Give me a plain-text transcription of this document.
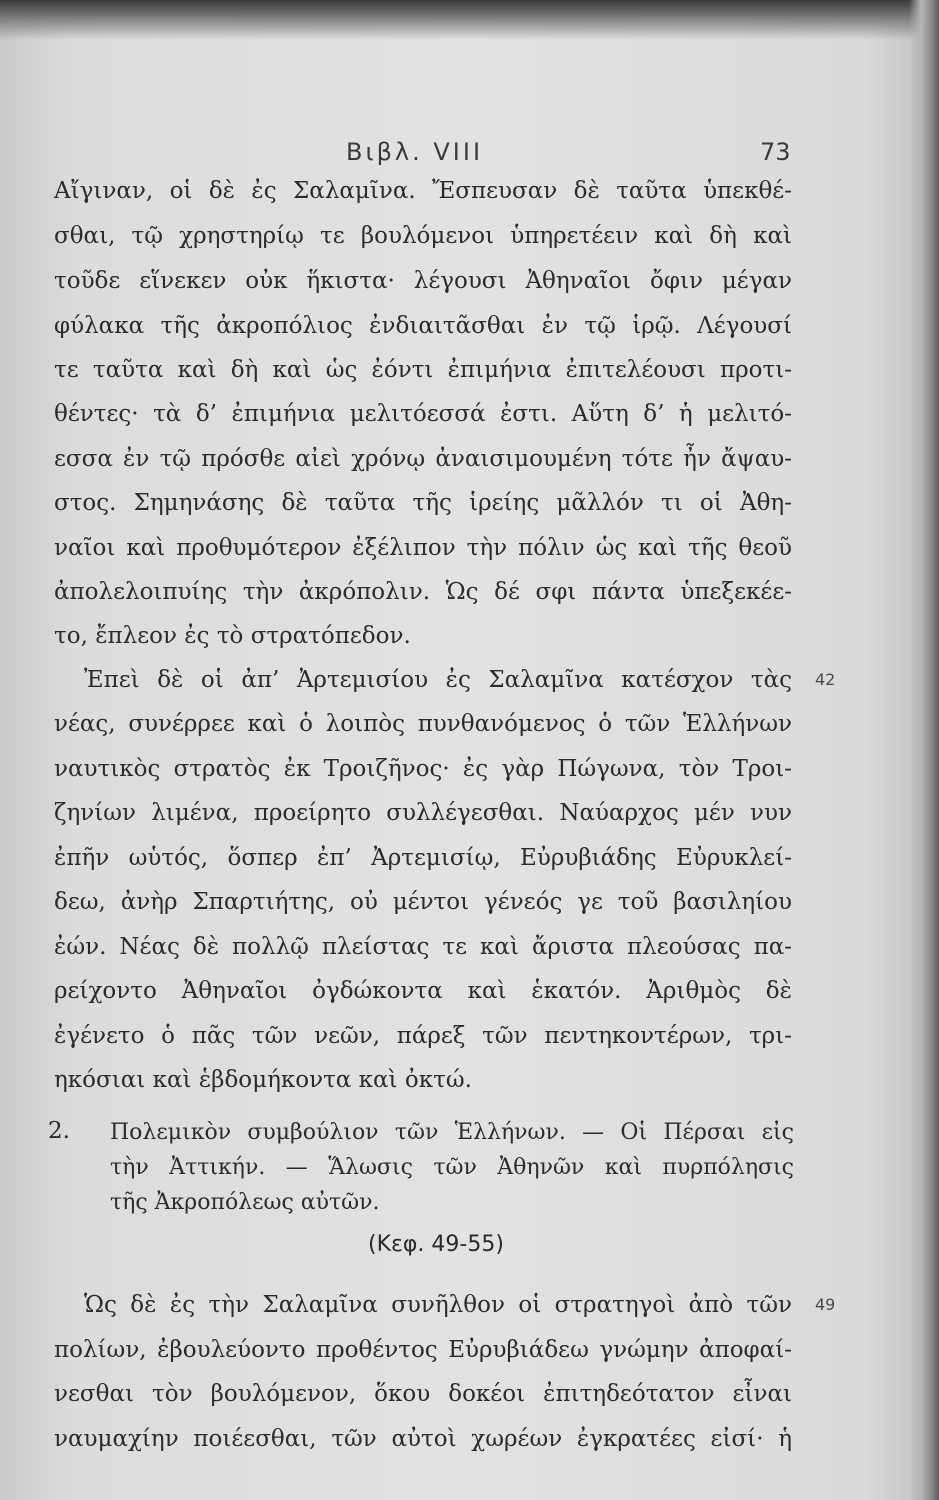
Βιβλ. VIII	73
Αἴγιναν, οἱ δὲ ἐς Σαλαμῖνα. Ἔσπευσαν δὲ ταῦτα ὑπεκθέ-
σθαι, τῷ χρηστηρίῳ τε βουλόμενοι ὑπηρετέειν καὶ δὴ καὶ
τοῦδε εἵνεκεν οὐκ ἥκιστα· λέγουσι Ἀθηναῖοι ὄφιν μέγαν
φύλακα τῆς ἀκροπόλιος ἐνδιαιτᾶσθαι ἐν τῷ ἱρῷ. Λέγουσί
τε ταῦτα καὶ δὴ καὶ ὡς ἐόντι ἐπιμήνια ἐπιτελέουσι προτι-
θέντες· τὰ δ’ ἐπιμήνια μελιτόεσσά ἐστι. Αὕτη δ’ ἡ μελιτό-
εσσα ἐν τῷ πρόσθε αἰεὶ χρόνῳ ἀναισιμουμένη τότε ἦν ἄψαυ-
στος. Σημηνάσης δὲ ταῦτα τῆς ἱρείης μᾶλλόν τι οἱ Ἀθη-
ναῖοι καὶ προθυμότερον ἐξέλιπον τὴν πόλιν ὡς καὶ τῆς θεοῦ
ἀπολελοιπυίης τὴν ἀκρόπολιν. Ὡς δέ σφι πάντα ὑπεξεκέε-
το, ἔπλεον ἐς τὸ στρατόπεδον.
Ἐπεὶ δὲ οἱ ἀπ’ Ἀρτεμισίου ἐς Σαλαμῖνα κατέσχον τὰς 42
νέας, συνέρρεε καὶ ὁ λοιπὸς πυνθανόμενος ὁ τῶν Ἑλλήνων
ναυτικὸς στρατὸς ἐκ Τροιζῆνος· ἐς γὰρ Πώγωνα, τὸν Τροι-
ζηνίων λιμένα, προείρητο συλλέγεσθαι. Ναύαρχος μέν νυν
ἐπῆν ωὑτός, ὅσπερ ἐπ’ Ἀρτεμισίῳ, Εὐρυβιάδης Εὐρυκλεί-
δεω, ἀνὴρ Σπαρτιήτης, οὐ μέντοι γένεός γε τοῦ βασιληίου
ἐών. Νέας δὲ πολλῷ πλείστας τε καὶ ἄριστα πλεούσας πα-
ρείχοντο Ἀθηναῖοι ὀγδώκοντα καὶ ἑκατόν. Ἀριθμὸς δὲ
ἐγένετο ὁ πᾶς τῶν νεῶν, πάρεξ τῶν πεντηκοντέρων, τρι-
ηκόσιαι καὶ ἑβδομήκοντα καὶ ὀκτώ.
2. Πολεμικὸν συμβούλιον τῶν Ἑλλήνων. — Οἱ Πέρσαι εἰς
τὴν Ἀττικήν. — Ἅλωσις τῶν Ἀθηνῶν καὶ πυρπόλησις
τῆς Ἀκροπόλεως αὐτῶν.
(Κεφ. 49-55)
Ὡς δὲ ἐς τὴν Σαλαμῖνα συνῆλθον οἱ στρατηγοὶ ἀπὸ τῶν 49
πολίων, ἐβουλεύοντο προθέντος Εὐρυβιάδεω γνώμην ἀποφαί-
νεσθαι τὸν βουλόμενον, ὅκου δοκέοι ἐπιτηδεότατον εἶναι
ναυμαχίην ποιέεσθαι, τῶν αὐτοὶ χωρέων ἐγκρατέες εἰσί· ἡ
